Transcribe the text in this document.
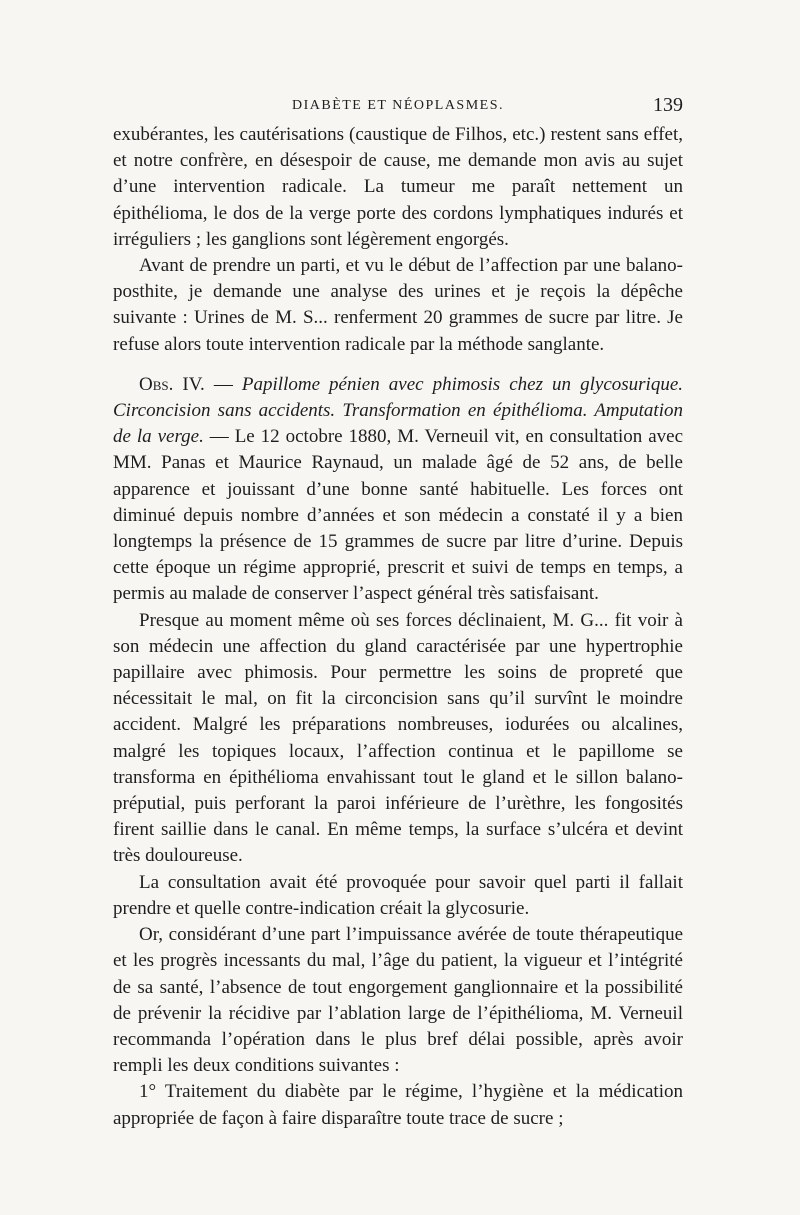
DIABÈTE ET NÉOPLASMES.	139

exubérantes, les cautérisations (caustique de Filhos, etc.) restent sans effet, et notre confrère, en désespoir de cause, me demande mon avis au sujet d’une intervention radicale. La tumeur me paraît nettement un épithélioma, le dos de la verge porte des cordons lymphatiques indurés et irréguliers ; les ganglions sont légèrement engorgés.

Avant de prendre un parti, et vu le début de l’affection par une balano-posthite, je demande une analyse des urines et je reçois la dépêche suivante : Urines de M. S... renferment 20 grammes de sucre par litre. Je refuse alors toute intervention radicale par la méthode sanglante.

Obs. IV. — Papillome pénien avec phimosis chez un glycosurique. Circoncision sans accidents. Transformation en épithélioma. Amputation de la verge. — Le 12 octobre 1880, M. Verneuil vit, en consultation avec MM. Panas et Maurice Raynaud, un malade âgé de 52 ans, de belle apparence et jouissant d’une bonne santé habituelle. Les forces ont diminué depuis nombre d’années et son médecin a constaté il y a bien longtemps la présence de 15 grammes de sucre par litre d’urine. Depuis cette époque un régime approprié, prescrit et suivi de temps en temps, a permis au malade de conserver l’aspect général très satisfaisant.

Presque au moment même où ses forces déclinaient, M. G... fit voir à son médecin une affection du gland caractérisée par une hypertrophie papillaire avec phimosis. Pour permettre les soins de propreté que nécessitait le mal, on fit la circoncision sans qu’il survînt le moindre accident. Malgré les préparations nombreuses, iodurées ou alcalines, malgré les topiques locaux, l’affection continua et le papillome se transforma en épithélioma envahissant tout le gland et le sillon balano-préputial, puis perforant la paroi inférieure de l’urèthre, les fongosités firent saillie dans le canal. En même temps, la surface s’ulcéra et devint très douloureuse.

La consultation avait été provoquée pour savoir quel parti il fallait prendre et quelle contre-indication créait la glycosurie.

Or, considérant d’une part l’impuissance avérée de toute thérapeutique et les progrès incessants du mal, l’âge du patient, la vigueur et l’intégrité de sa santé, l’absence de tout engorgement ganglionnaire et la possibilité de prévenir la récidive par l’ablation large de l’épithélioma, M. Verneuil recommanda l’opération dans le plus bref délai possible, après avoir rempli les deux conditions suivantes :

1° Traitement du diabète par le régime, l’hygiène et la médication appropriée de façon à faire disparaître toute trace de sucre ;
